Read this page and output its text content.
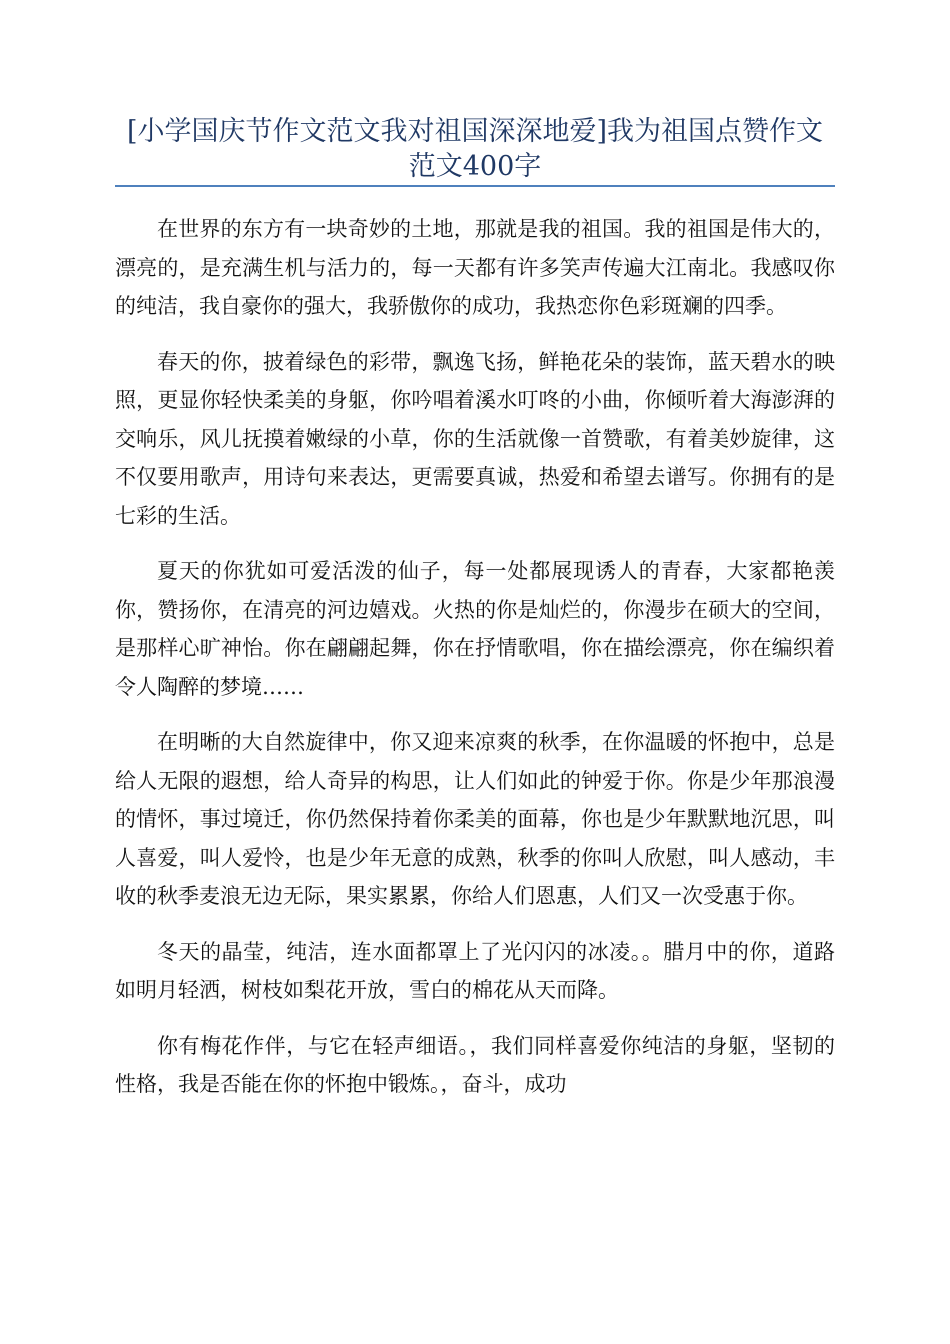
[小学国庆节作文范文我对祖国深深地爱]我为祖国点赞作文范文400字

在世界的东方有一块奇妙的土地，那就是我的祖国。我的祖国是伟大的，漂亮的，是充满生机与活力的，每一天都有许多笑声传遍大江南北。我感叹你的纯洁，我自豪你的强大，我骄傲你的成功，我热恋你色彩斑斓的四季。

春天的你，披着绿色的彩带，飘逸飞扬，鲜艳花朵的装饰，蓝天碧水的映照，更显你轻快柔美的身躯，你吟唱着溪水叮咚的小曲，你倾听着大海澎湃的交响乐，风儿抚摸着嫩绿的小草，你的生活就像一首赞歌，有着美妙旋律，这不仅要用歌声，用诗句来表达，更需要真诚，热爱和希望去谱写。你拥有的是七彩的生活。

夏天的你犹如可爱活泼的仙子，每一处都展现诱人的青春，大家都艳羡你，赞扬你，在清亮的河边嬉戏。火热的你是灿烂的，你漫步在硕大的空间，是那样心旷神怡。你在翩翩起舞，你在抒情歌唱，你在描绘漂亮，你在编织着令人陶醉的梦境……

在明晰的大自然旋律中，你又迎来凉爽的秋季，在你温暖的怀抱中，总是给人无限的遐想，给人奇异的构思，让人们如此的钟爱于你。你是少年那浪漫的情怀，事过境迁，你仍然保持着你柔美的面幕，你也是少年默默地沉思，叫人喜爱，叫人爱怜，也是少年无意的成熟，秋季的你叫人欣慰，叫人感动，丰收的秋季麦浪无边无际，果实累累，你给人们恩惠，人们又一次受惠于你。

冬天的晶莹，纯洁，连水面都罩上了光闪闪的冰凌。。腊月中的你，道路如明月轻洒，树枝如梨花开放，雪白的棉花从天而降。

你有梅花作伴，与它在轻声细语。，我们同样喜爱你纯洁的身躯，坚韧的性格，我是否能在你的怀抱中锻炼。，奋斗，成功
